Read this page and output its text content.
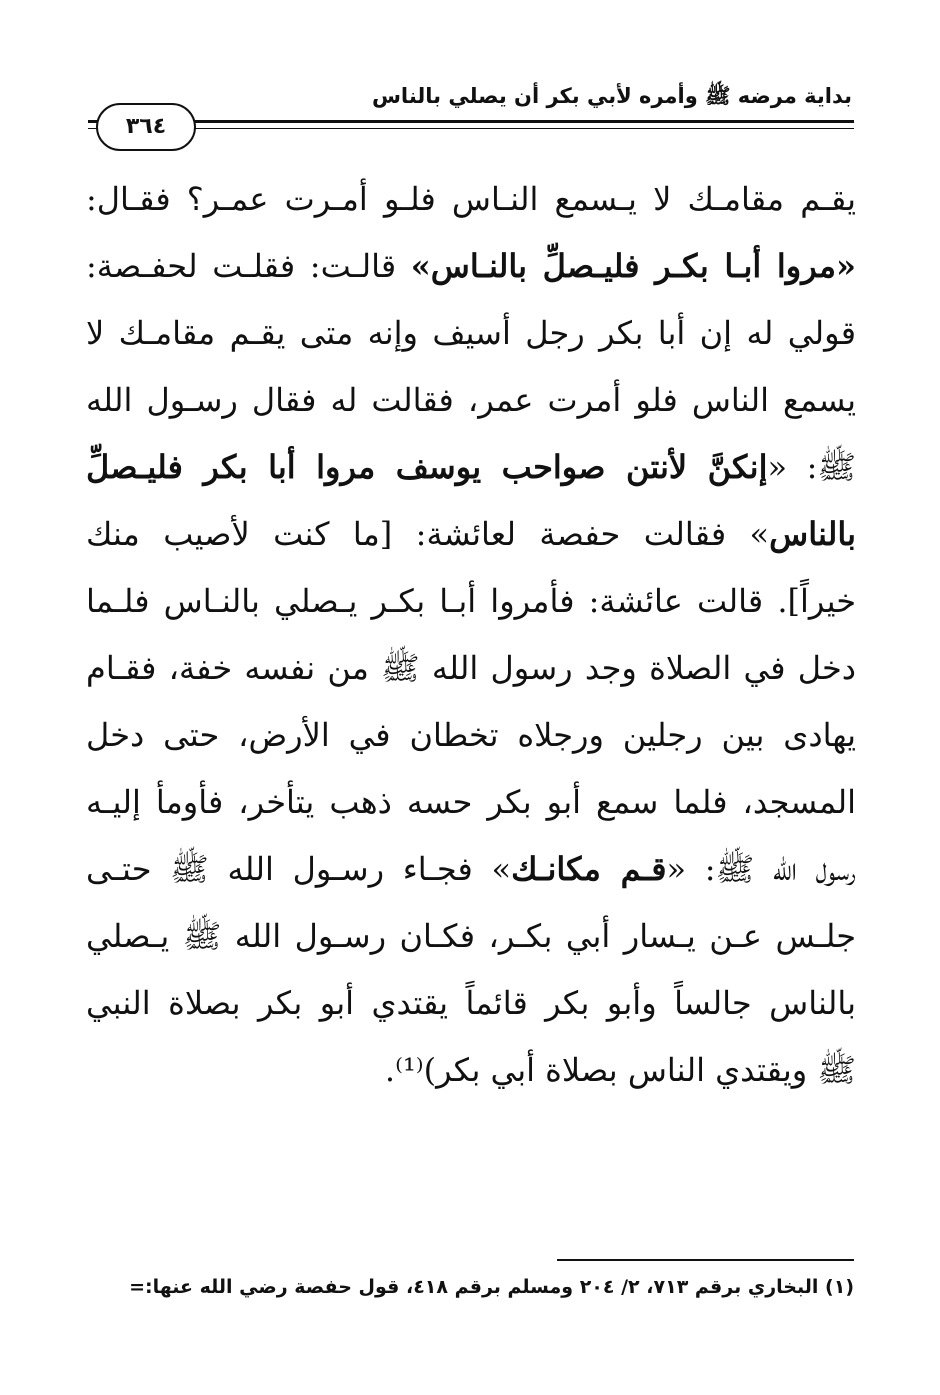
بداية مرضه ﷺ وأمره لأبي بكر أن يصلي بالناس
٣٦٤
يقـم مقامـك لا يـسمع النـاس فلـو أمـرت عمـر؟ فقـال:
«مروا أبـا بكـر فليـصلِّ بالنـاس» قالـت: فقلـت لحفـصة:
قولي له إن أبا بكر رجل أسيف وإنه متى يقـم مقامـك لا
يسمع الناس فلو أمرت عمر، فقالت له فقال رسـول الله
ﷺ: «إنكنَّ لأنتن صواحب يوسف مروا أبا بكر فليـصلِّ
بالناس» فقالت حفصة لعائشة: [ما كنت لأصيب منك
خيراً]. قالت عائشة: فأمروا أبـا بكـر يـصلي بالنـاس فلـما
دخل في الصلاة وجد رسول الله ﷺ من نفسه خفة، فقـام
يهادى بين رجلين ورجلاه تخطان في الأرض، حتى دخل
المسجد، فلما سمع أبو بكر حسه ذهب يتأخر، فأومأ إليـه
رسول الله ﷺ: «قـم مكانـك» فجـاء رسـول الله ﷺ حتـى
جلـس عـن يـسار أبي بكـر، فكـان رسـول الله ﷺ يـصلي
بالناس جالساً وأبو بكر قائماً يقتدي أبو بكر بصلاة النبي
ﷺ ويقتدي الناس بصلاة أبي بكر)⁽¹⁾.
(١) البخاري برقم ٧١٣، ٢/ ٢٠٤ ومسلم برقم ٤١٨، قول حفصة رضي الله عنها:=
